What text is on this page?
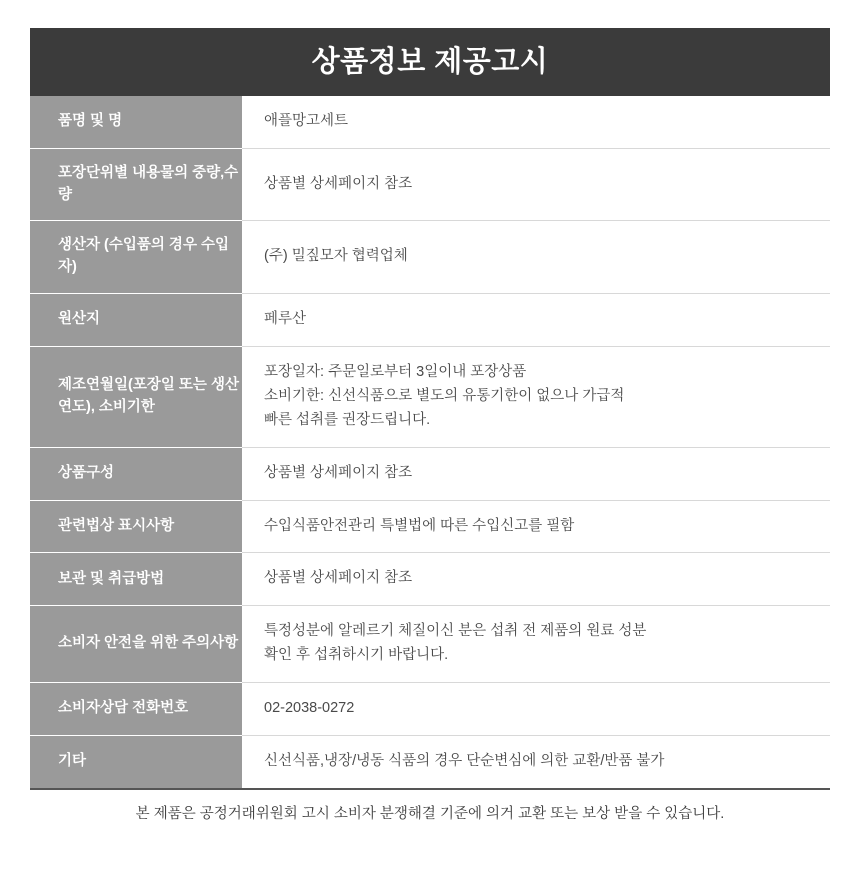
상품정보 제공고시
품명 및 명	애플망고세트

포장단위별 내용물의 중량,수량	상품별 상세페이지 참조

생산자 (수입품의 경우 수입자)	(주) 밀짚모자 협력업체

원산지	페루산

제조연월일(포장일 또는 생산연도), 소비기한	포장일자: 주문일로부터 3일이내 포장상품
소비기한: 신선식품으로 별도의 유통기한이 없으나 가급적
빠른 섭취를 권장드립니다.

상품구성	상품별 상세페이지 참조

관련법상 표시사항	수입식품안전관리 특별법에 따른 수입신고를 필함

보관 및 취급방법	상품별 상세페이지 참조

소비자 안전을 위한 주의사항	특정성분에 알레르기 체질이신 분은 섭취 전 제품의 원료 성분
확인 후 섭취하시기 바랍니다.

소비자상담 전화번호	02-2038-0272

기타	신선식품,냉장/냉동 식품의 경우 단순변심에 의한 교환/반품 불가
본 제품은 공정거래위원회 고시 소비자 분쟁해결 기준에 의거 교환 또는 보상 받을 수 있습니다.
